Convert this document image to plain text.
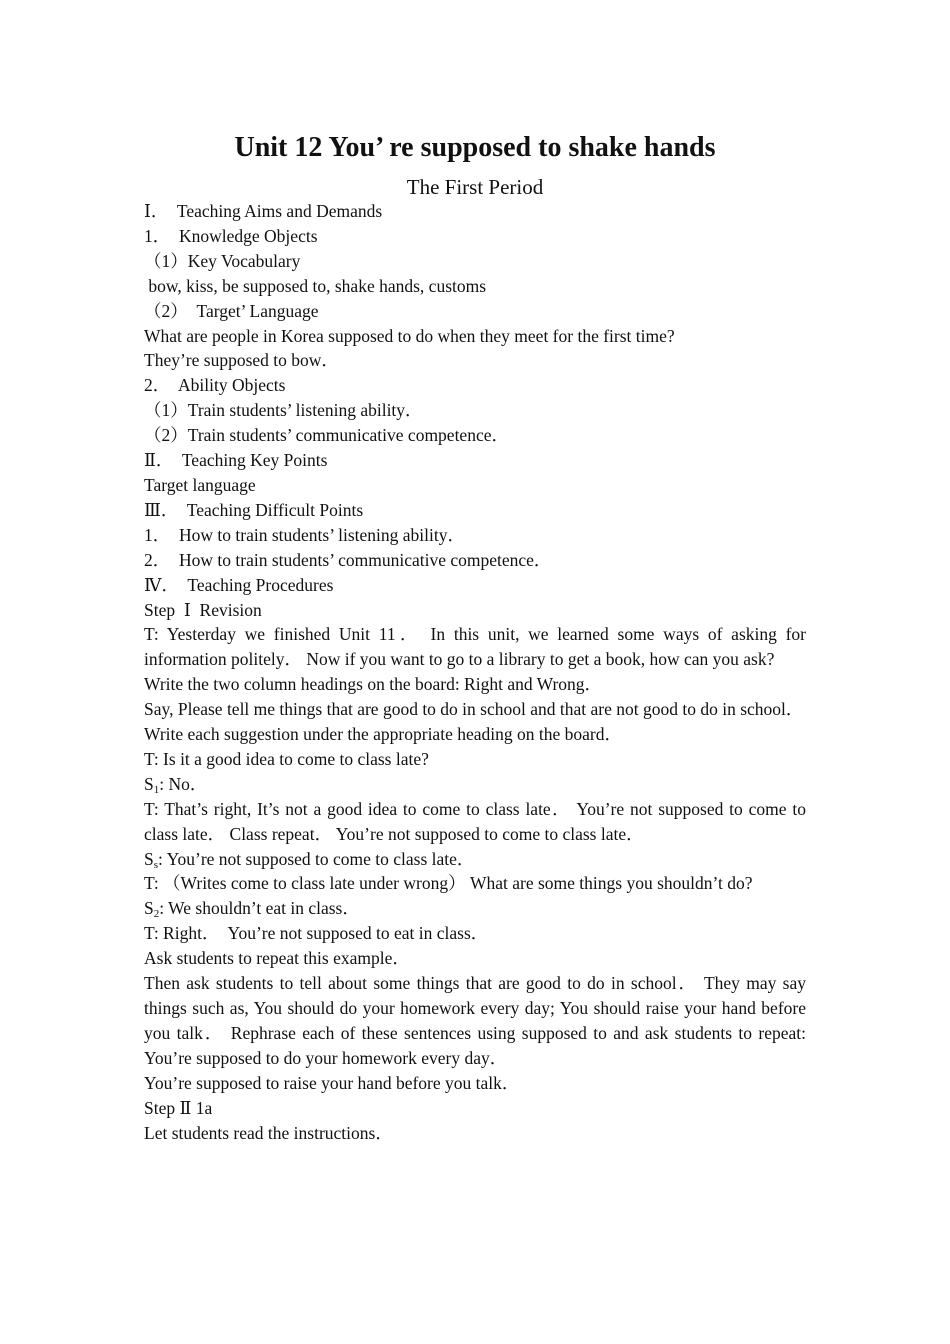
Unit 12 You’ re supposed to shake hands
The First Period
Ⅰ．  Teaching Aims and Demands
1．  Knowledge Objects
（1）Key Vocabulary
bow, kiss, be supposed to, shake hands, customs
（2）  Target’ Language
What are people in Korea supposed to do when they meet for the first time?
They’re supposed to bow．
2．  Ability Objects
（1）Train students’ listening ability．
（2）Train students’ communicative competence．
Ⅱ．  Teaching Key Points
Target language
Ⅲ．  Teaching Difficult Points
1．  How to train students’ listening ability．
2．  How to train students’ communicative competence．
Ⅳ．  Teaching Procedures
Step  Ⅰ  Revision
T: Yesterday we finished Unit 11． In this unit, we learned some ways of asking for information politely． Now if you want to go to a library to get a book, how can you ask?
Write the two column headings on the board: Right and Wrong．
Say, Please tell me things that are good to do in school and that are not good to do in school．
Write each suggestion under the appropriate heading on the board．
T: Is it a good idea to come to class late?
$S_1$: No．
T: That’s right, It’s not a good idea to come to class late． You’re not supposed to come to class late． Class repeat． You’re not supposed to come to class late．
$S_s$: You’re not supposed to come to class late．
T: （Writes come to class late under wrong） What are some things you shouldn’t do?
$S_2$: We shouldn’t eat in class．
T: Right．  You’re not supposed to eat in class．
Ask students to repeat this example．
Then ask students to tell about some things that are good to do in school． They may say things such as, You should do your homework every day; You should raise your hand before you talk． Rephrase each of these sentences using supposed to and ask students to repeat: You’re supposed to do your homework every day．
You’re supposed to raise your hand before you talk．
Step Ⅱ 1a
Let students read the instructions．
